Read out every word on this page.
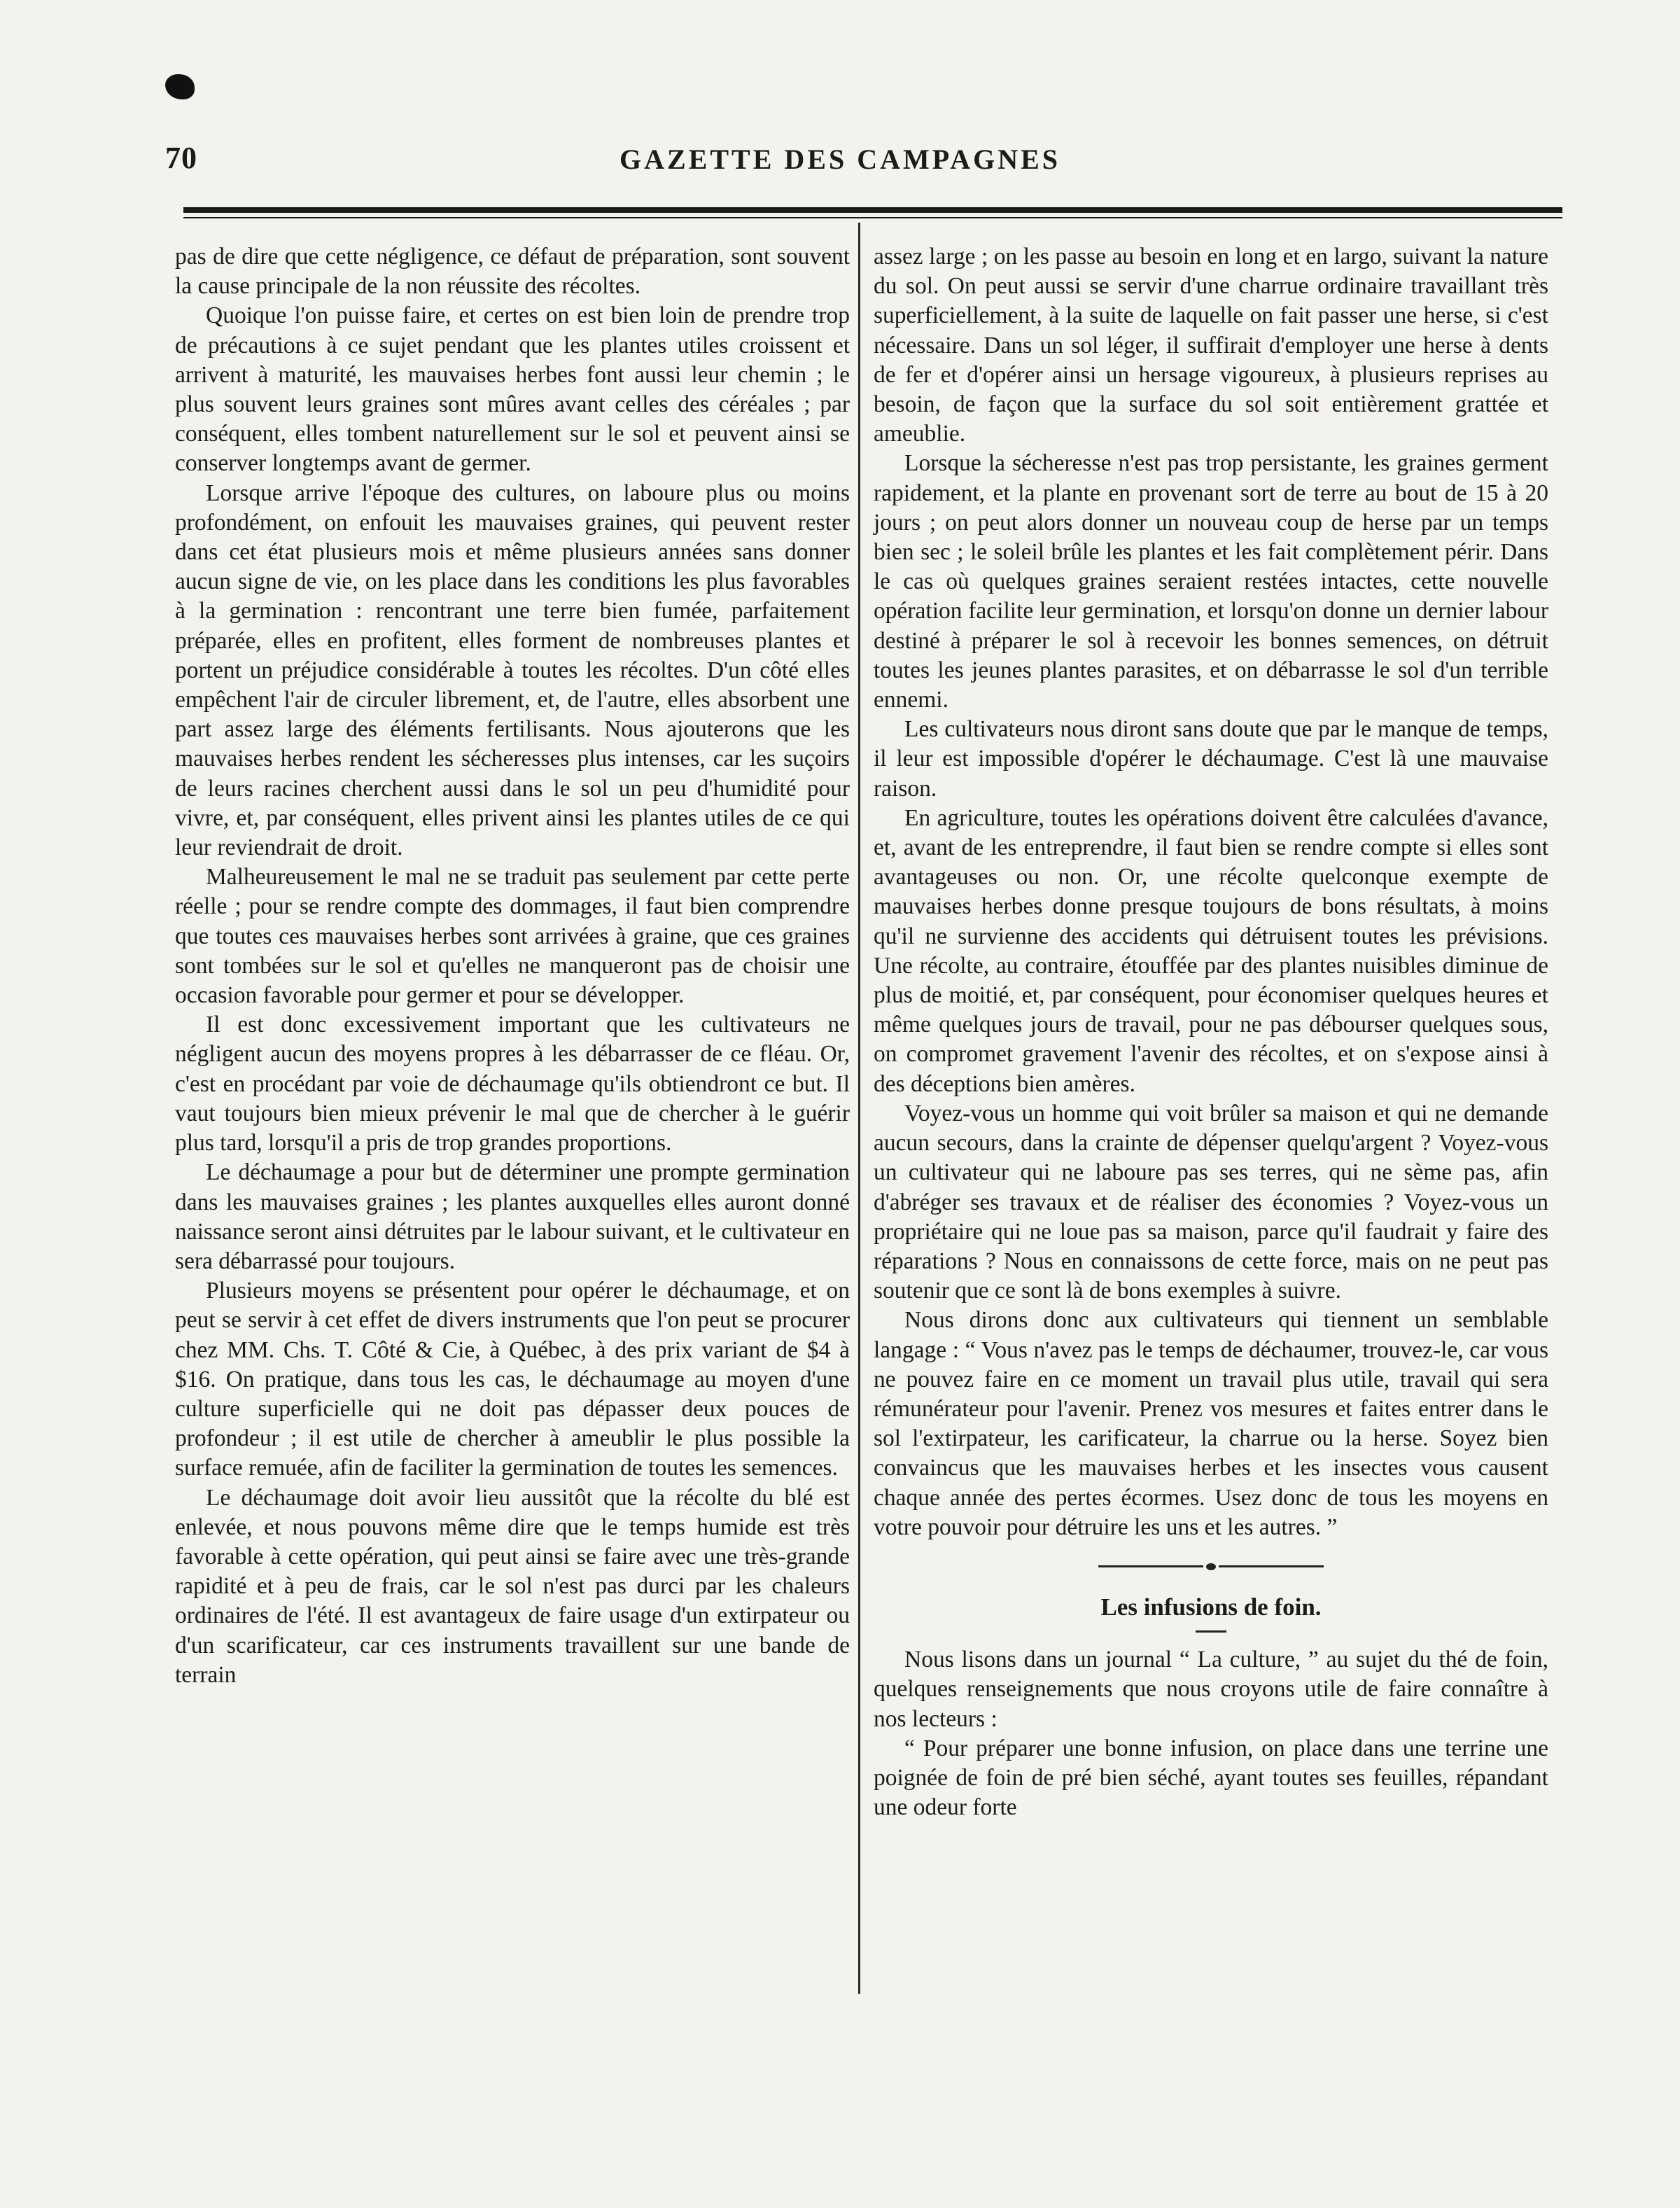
70	GAZETTE DES CAMPAGNES

pas de dire que cette négligence, ce défaut de préparation, sont souvent la cause principale de la non réussite des récoltes.

Quoique l'on puisse faire, et certes on est bien loin de prendre trop de précautions à ce sujet pendant que les plantes utiles croissent et arrivent à maturité, les mauvaises herbes font aussi leur chemin ; le plus souvent leurs graines sont mûres avant celles des céréales ; par conséquent, elles tombent naturellement sur le sol et peuvent ainsi se conserver longtemps avant de germer.

Lorsque arrive l'époque des cultures, on laboure plus ou moins profondément, on enfouit les mauvaises graines, qui peuvent rester dans cet état plusieurs mois et même plusieurs années sans donner aucun signe de vie, on les place dans les conditions les plus favorables à la germination : rencontrant une terre bien fumée, parfaitement préparée, elles en profitent, elles forment de nombreuses plantes et portent un préjudice considérable à toutes les récoltes. D'un côté elles empêchent l'air de circuler librement, et, de l'autre, elles absorbent une part assez large des éléments fertilisants. Nous ajouterons que les mauvaises herbes rendent les sécheresses plus intenses, car les suçoirs de leurs racines cherchent aussi dans le sol un peu d'humidité pour vivre, et, par conséquent, elles privent ainsi les plantes utiles de ce qui leur reviendrait de droit.

Malheureusement le mal ne se traduit pas seulement par cette perte réelle ; pour se rendre compte des dommages, il faut bien comprendre que toutes ces mauvaises herbes sont arrivées à graine, que ces graines sont tombées sur le sol et qu'elles ne manqueront pas de choisir une occasion favorable pour germer et pour se développer.

Il est donc excessivement important que les cultivateurs ne négligent aucun des moyens propres à les débarrasser de ce fléau. Or, c'est en procédant par voie de déchaumage qu'ils obtiendront ce but. Il vaut toujours bien mieux prévenir le mal que de chercher à le guérir plus tard, lorsqu'il a pris de trop grandes proportions.

Le déchaumage a pour but de déterminer une prompte germination dans les mauvaises graines ; les plantes auxquelles elles auront donné naissance seront ainsi détruites par le labour suivant, et le cultivateur en sera débarrassé pour toujours.

Plusieurs moyens se présentent pour opérer le déchaumage, et on peut se servir à cet effet de divers instruments que l'on peut se procurer chez MM. Chs. T. Côté & Cie, à Québec, à des prix variant de $4 à $16. On pratique, dans tous les cas, le déchaumage au moyen d'une culture superficielle qui ne doit pas dépasser deux pouces de profondeur ; il est utile de chercher à ameublir le plus possible la surface remuée, afin de faciliter la germination de toutes les semences.

Le déchaumage doit avoir lieu aussitôt que la récolte du blé est enlevée, et nous pouvons même dire que le temps humide est très favorable à cette opération, qui peut ainsi se faire avec une très-grande rapidité et à peu de frais, car le sol n'est pas durci par les chaleurs ordinaires de l'été. Il est avantageux de faire usage d'un extirpateur ou d'un scarificateur, car ces instruments travaillent sur une bande de terrain

assez large ; on les passe au besoin en long et en largo, suivant la nature du sol. On peut aussi se servir d'une charrue ordinaire travaillant très superficiellement, à la suite de laquelle on fait passer une herse, si c'est nécessaire. Dans un sol léger, il suffirait d'employer une herse à dents de fer et d'opérer ainsi un hersage vigoureux, à plusieurs reprises au besoin, de façon que la surface du sol soit entièrement grattée et ameublie.

Lorsque la sécheresse n'est pas trop persistante, les graines germent rapidement, et la plante en provenant sort de terre au bout de 15 à 20 jours ; on peut alors donner un nouveau coup de herse par un temps bien sec ; le soleil brûle les plantes et les fait complètement périr. Dans le cas où quelques graines seraient restées intactes, cette nouvelle opération facilite leur germination, et lorsqu'on donne un dernier labour destiné à préparer le sol à recevoir les bonnes semences, on détruit toutes les jeunes plantes parasites, et on débarrasse le sol d'un terrible ennemi.

Les cultivateurs nous diront sans doute que par le manque de temps, il leur est impossible d'opérer le déchaumage. C'est là une mauvaise raison.

En agriculture, toutes les opérations doivent être calculées d'avance, et, avant de les entreprendre, il faut bien se rendre compte si elles sont avantageuses ou non. Or, une récolte quelconque exempte de mauvaises herbes donne presque toujours de bons résultats, à moins qu'il ne survienne des accidents qui détruisent toutes les prévisions. Une récolte, au contraire, étouffée par des plantes nuisibles diminue de plus de moitié, et, par conséquent, pour économiser quelques heures et même quelques jours de travail, pour ne pas débourser quelques sous, on compromet gravement l'avenir des récoltes, et on s'expose ainsi à des déceptions bien amères.

Voyez-vous un homme qui voit brûler sa maison et qui ne demande aucun secours, dans la crainte de dépenser quelqu'argent ? Voyez-vous un cultivateur qui ne laboure pas ses terres, qui ne sème pas, afin d'abréger ses travaux et de réaliser des économies ? Voyez-vous un propriétaire qui ne loue pas sa maison, parce qu'il faudrait y faire des réparations ? Nous en connaissons de cette force, mais on ne peut pas soutenir que ce sont là de bons exemples à suivre.

Nous dirons donc aux cultivateurs qui tiennent un semblable langage : “ Vous n'avez pas le temps de déchaumer, trouvez-le, car vous ne pouvez faire en ce moment un travail plus utile, travail qui sera rémunérateur pour l'avenir. Prenez vos mesures et faites entrer dans le sol l'extirpateur, les carificateur, la charrue ou la herse. Soyez bien convaincus que les mauvaises herbes et les insectes vous causent chaque année des pertes écormes. Usez donc de tous les moyens en votre pouvoir pour détruire les uns et les autres. ”

Les infusions de foin.

Nous lisons dans un journal “ La culture, ” au sujet du thé de foin, quelques renseignements que nous croyons utile de faire connaître à nos lecteurs :

“ Pour préparer une bonne infusion, on place dans une terrine une poignée de foin de pré bien séché, ayant toutes ses feuilles, répandant une odeur forte
